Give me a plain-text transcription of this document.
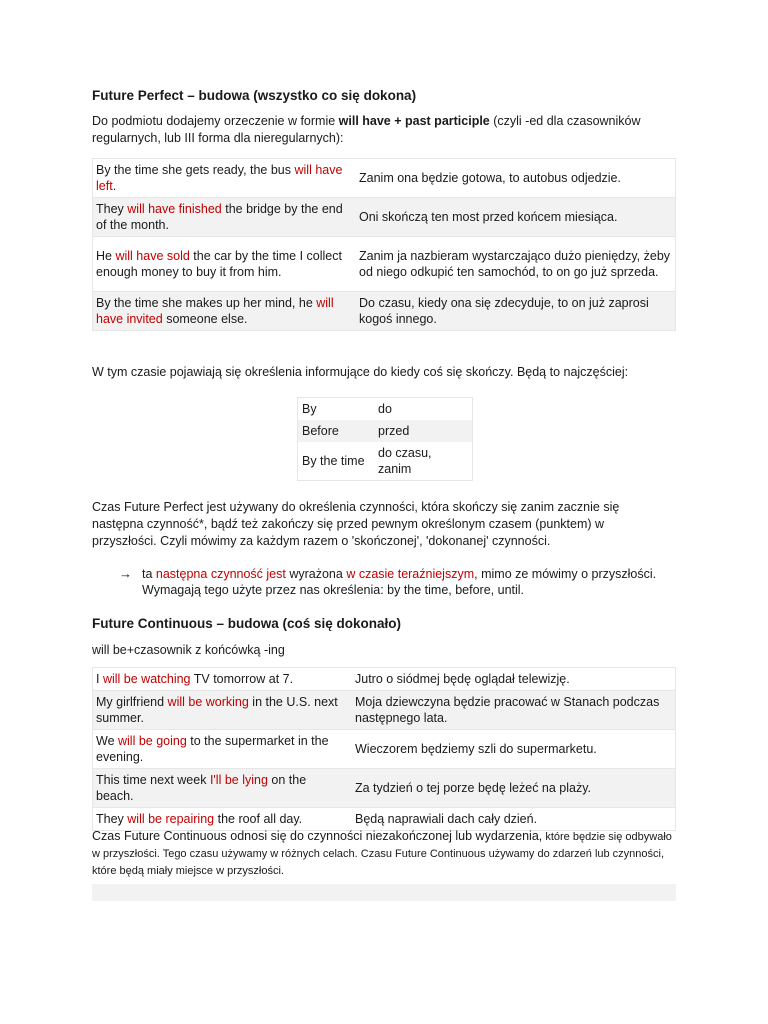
Future Perfect – budowa (wszystko co się dokona)
Do podmiotu dodajemy orzeczenie w formie will have + past participle (czyli -ed dla czasowników
regularnych, lub III forma dla nieregularnych):
By the time she gets ready, the bus will have left.	Zanim ona będzie gotowa, to autobus odjedzie.
They will have finished the bridge by the end of the month.	Oni skończą ten most przed końcem miesiąca.
He will have sold the car by the time I collect enough money to buy it from him.	Zanim ja nazbieram wystarczająco dużo pieniędzy, żeby od niego odkupić ten samochód, to on go już sprzeda.
By the time she makes up her mind, he will have invited someone else.	Do czasu, kiedy ona się zdecyduje, to on już zaprosi kogoś innego.
W tym czasie pojawiają się określenia informujące do kiedy coś się skończy. Będą to najczęściej:
By	do
Before	przed
By the time	do czasu, zanim
Czas Future Perfect jest używany do określenia czynności, która skończy się zanim zacznie się następna czynność*, bądź też zakończy się przed pewnym określonym czasem (punktem) w przyszłości. Czyli mówimy za każdym razem o 'skończonej', 'dokonanej' czynności.
→ ta następna czynność jest wyrażona w czasie teraźniejszym, mimo ze mówimy o przyszłości.
Wymagają tego użyte przez nas określenia: by the time, before, until.
Future Continuous – budowa (coś się dokonało)
will be+czasownik z końcówką -ing
I will be watching TV tomorrow at 7.	Jutro o siódmej będę oglądał telewizję.
My girlfriend will be working in the U.S. next summer.	Moja dziewczyna będzie pracować w Stanach podczas następnego lata.
We will be going to the supermarket in the evening.	Wieczorem będziemy szli do supermarketu.
This time next week I'll be lying on the beach.	Za tydzień o tej porze będę leżeć na plaży.
They will be repairing the roof all day.	Będą naprawiali dach cały dzień.
Czas Future Continuous odnosi się do czynności niezakończonej lub wydarzenia, które będzie się odbywało w przyszłości. Tego czasu używamy w różnych celach. Czasu Future Continuous używamy do zdarzeń lub czynności, które będą miały miejsce w przyszłości.
